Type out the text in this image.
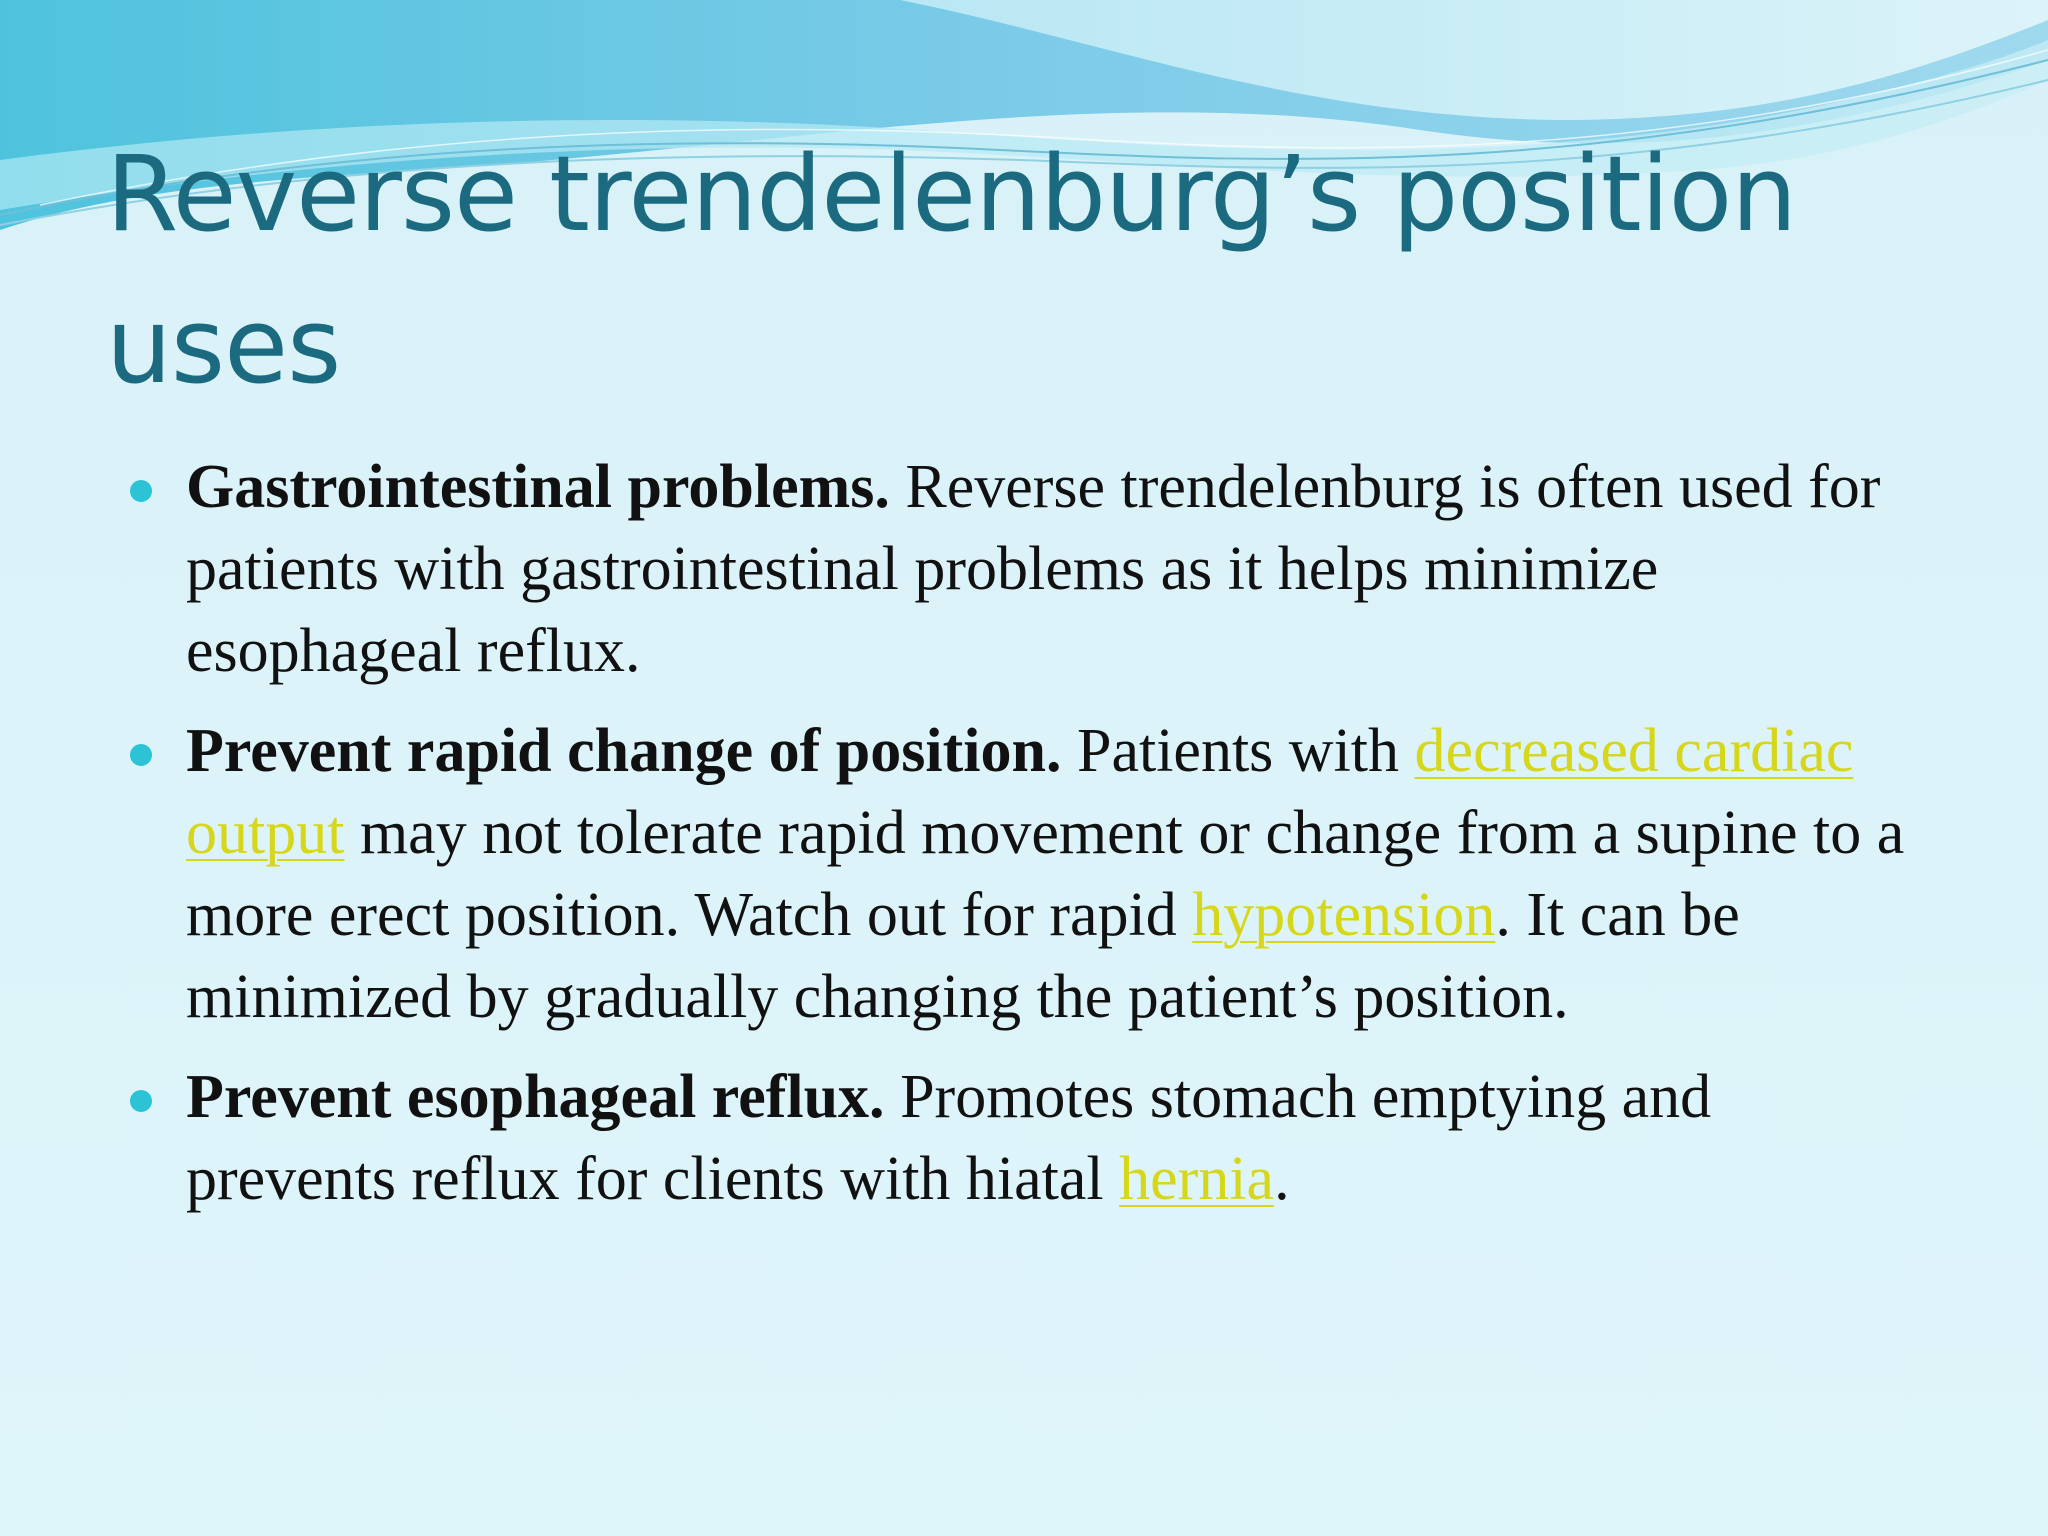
Reverse trendelenburg’s position uses
Gastrointestinal problems. Reverse trendelenburg is often used for patients with gastrointestinal problems as it helps minimize esophageal reflux.
Prevent rapid change of position. Patients with decreased cardiac output may not tolerate rapid movement or change from a supine to a more erect position. Watch out for rapid hypotension. It can be minimized by gradually changing the patient’s position.
Prevent esophageal reflux. Promotes stomach emptying and prevents reflux for clients with hiatal hernia.
